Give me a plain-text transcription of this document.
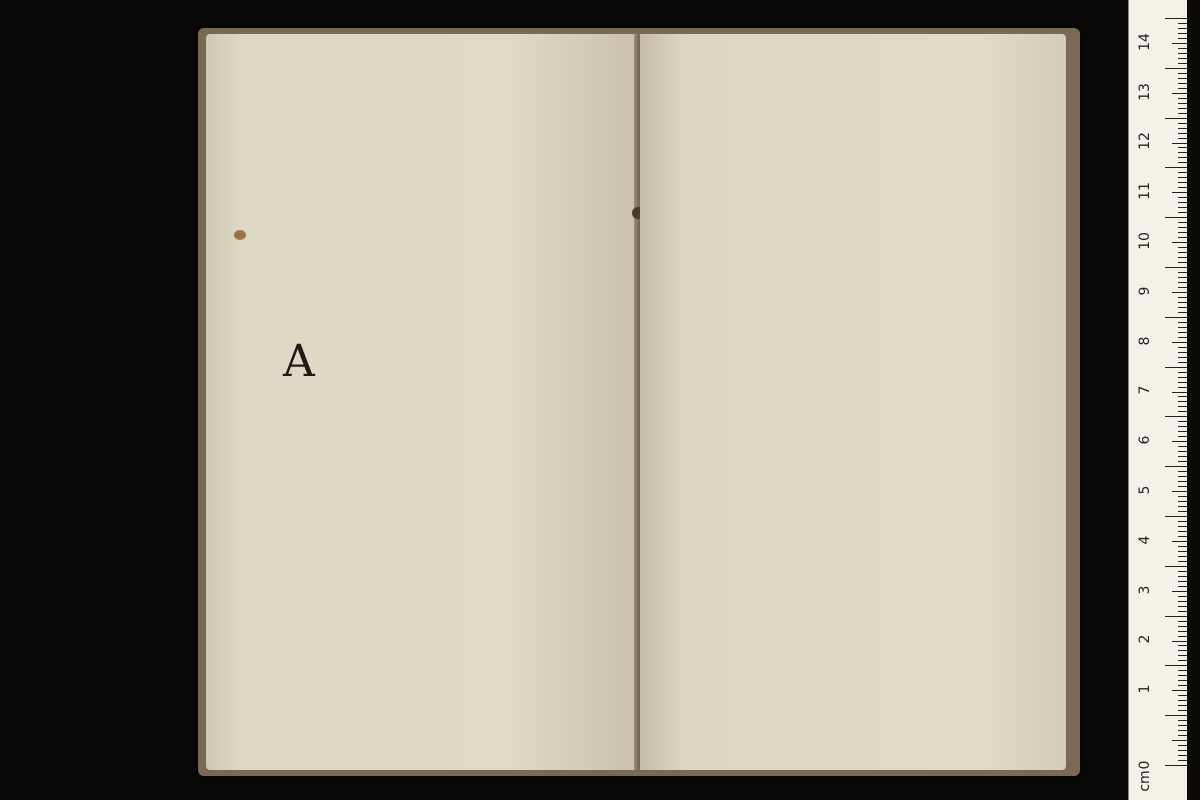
A
0
1
2
3
4
5
6
7
8
9
10
11
12
13
14
cm
